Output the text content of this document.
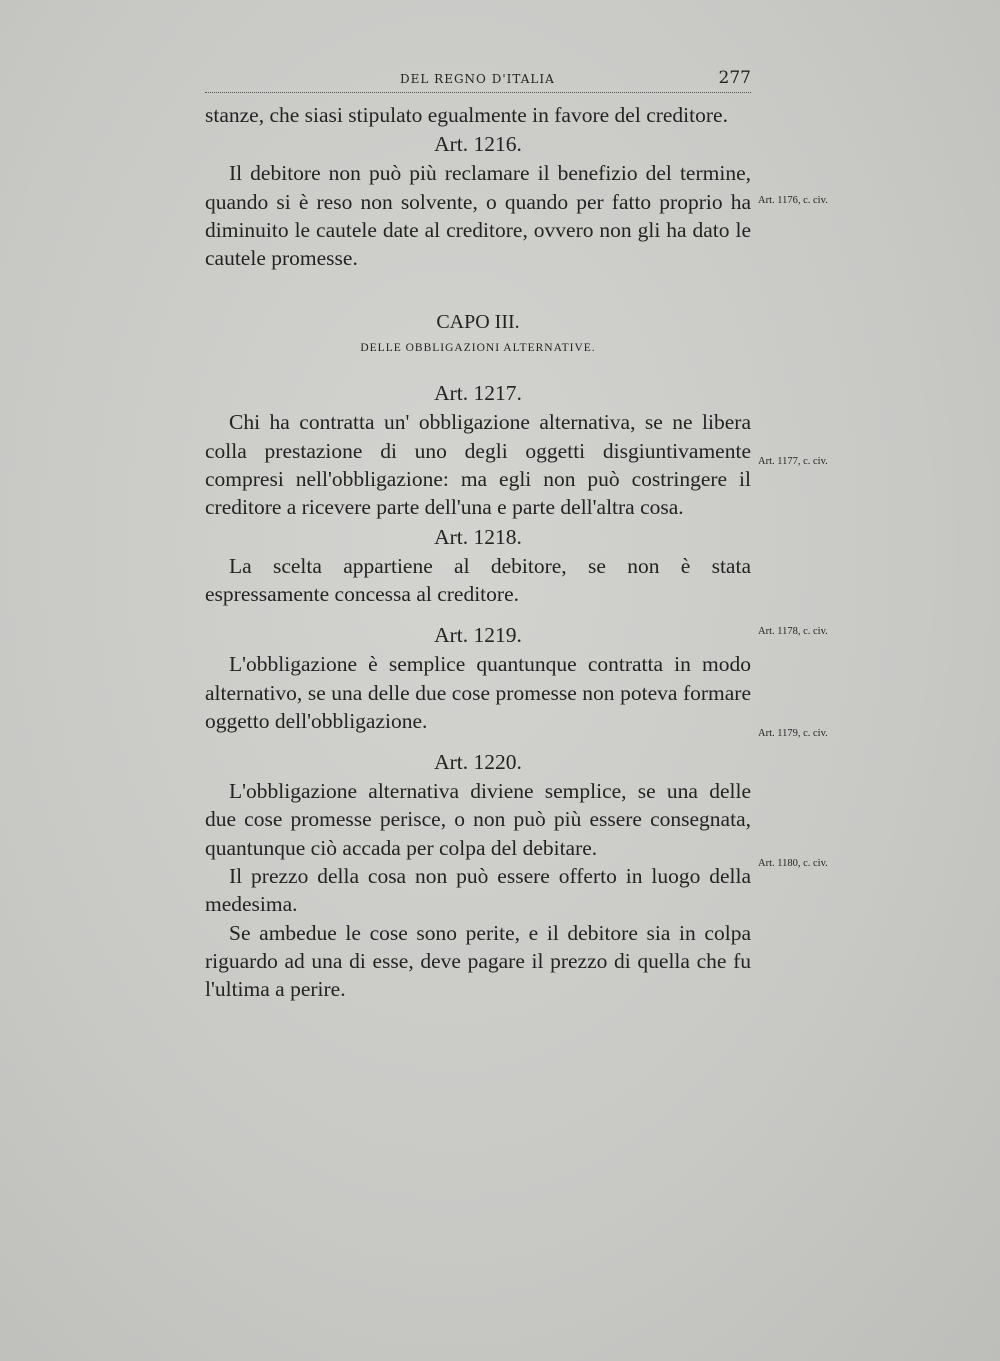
DEL REGNO D'ITALIA	277

stanze, che siasi stipulato egualmente in favore del creditore.

Art. 1216.

Il debitore non può più reclamare il benefizio del termine, quando si è reso non solvente, o quando per fatto proprio ha diminuito le cautele date al creditore, ovvero non gli ha dato le cautele promesse.

CAPO III.
DELLE OBBLIGAZIONI ALTERNATIVE.
Art. 1217.

Chi ha contratta un' obbligazione alternativa, se ne libera colla prestazione di uno degli oggetti disgiuntivamente compresi nell'obbligazione: ma egli non può costringere il creditore a ricevere parte dell'una e parte dell'altra cosa.

Art. 1218.

La scelta appartiene al debitore, se non è stata espressamente concessa al creditore.

Art. 1219.

L'obbligazione è semplice quantunque contratta in modo alternativo, se una delle due cose promesse non poteva formare oggetto dell'obbligazione.

Art. 1220.

L'obbligazione alternativa diviene semplice, se una delle due cose promesse perisce, o non può più essere consegnata, quantunque ciò accada per colpa del debitare.

Il prezzo della cosa non può essere offerto in luogo della medesima.

Se ambedue le cose sono perite, e il debitore sia in colpa riguardo ad una di esse, deve pagare il prezzo di quella che fu l'ultima a perire.

Art. 1176, c. civ.
Art. 1177, c. civ.
Art. 1178, c. civ.
Art. 1179, c. civ.
Art. 1180, c. civ.
